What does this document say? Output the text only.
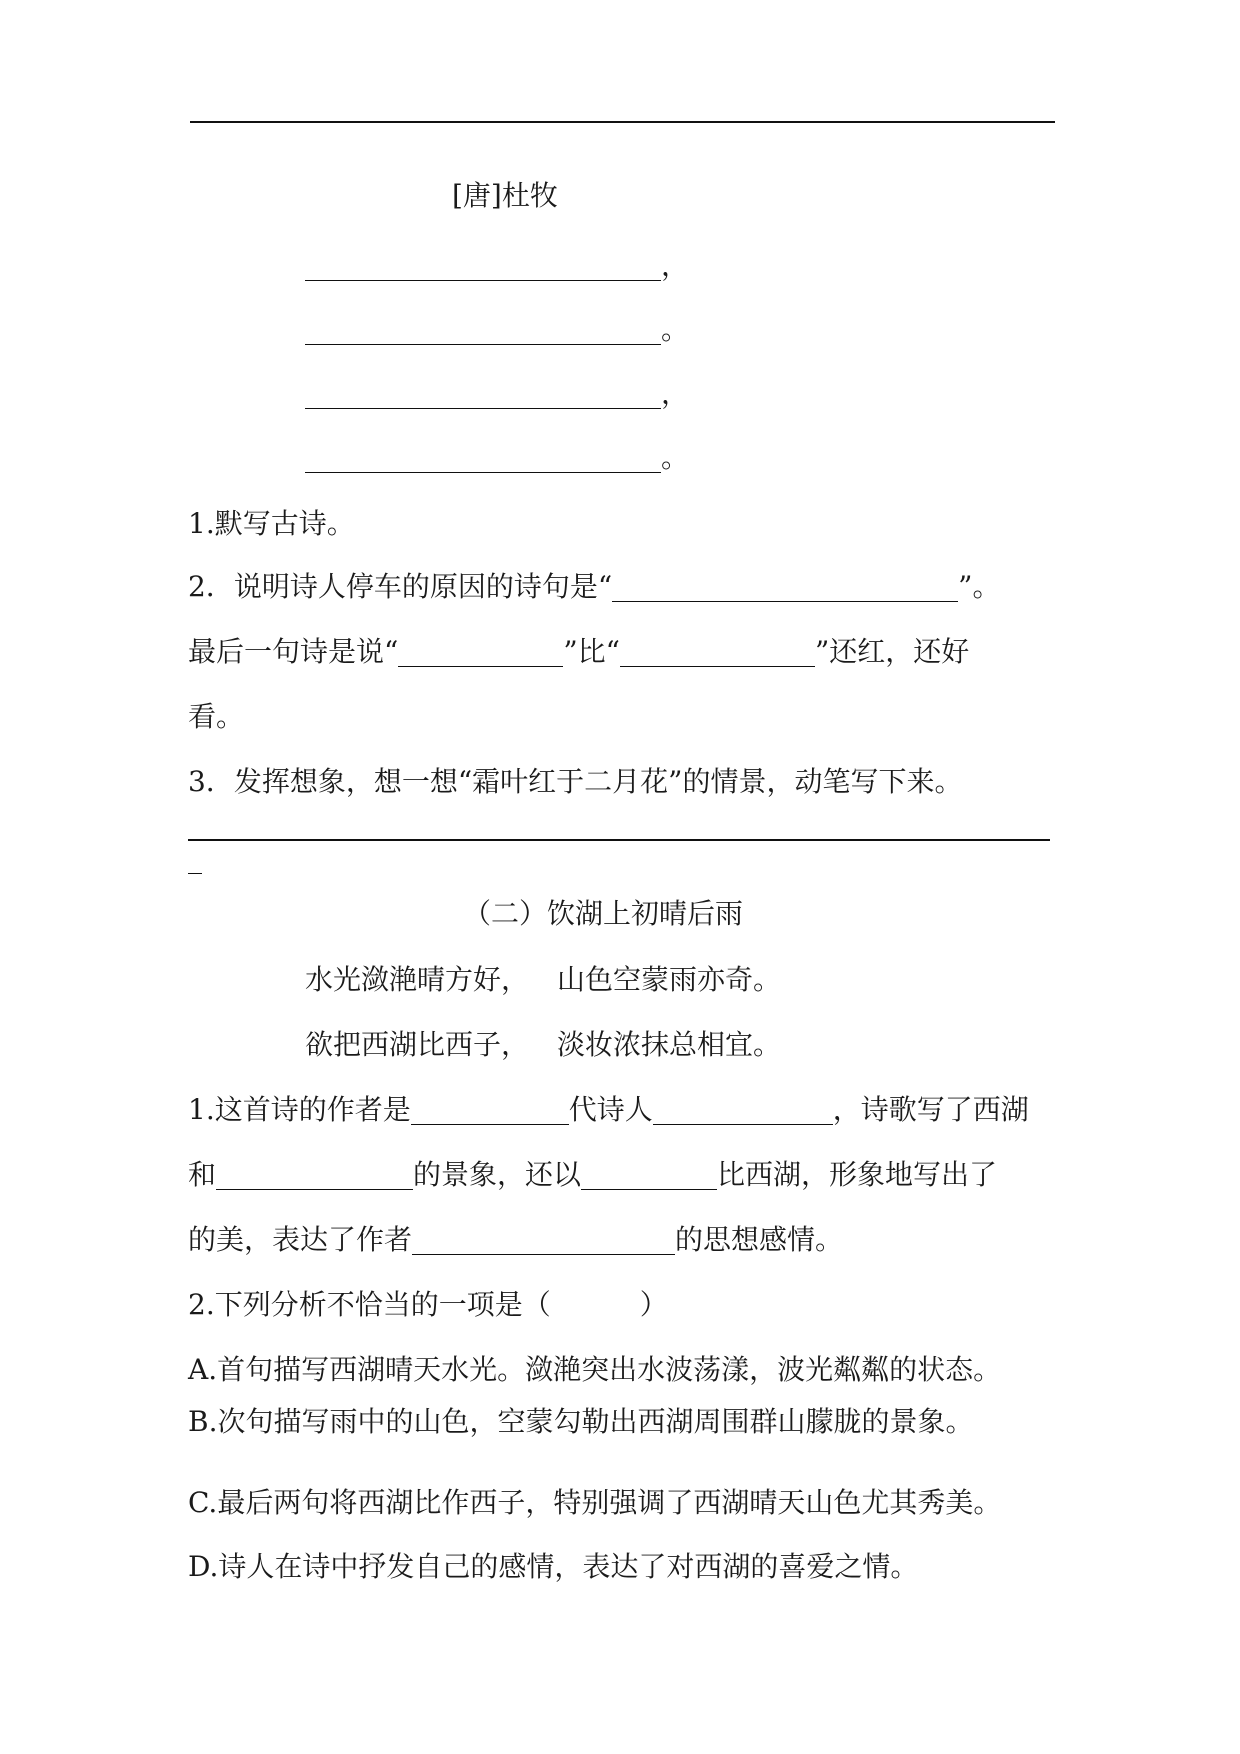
[唐]杜牧
，
。
，
。
1.默写古诗。
2．说明诗人停车的原因的诗句是“	”。
最后一句诗是说“	”比“	”还红，还好
看。
3．发挥想象，想一想“霜叶红于二月花”的情景，动笔写下来。
（二）饮湖上初晴后雨
水光潋滟晴方好， 山色空蒙雨亦奇。
欲把西湖比西子， 淡妆浓抹总相宜。
1.这首诗的作者是	代诗人	，诗歌写了西湖
和	的景象，还以	比西湖，形象地写出了
的美，表达了作者	的思想感情。
2.下列分析不恰当的一项是（          ）
A.首句描写西湖晴天水光。潋滟突出水波荡漾，波光粼粼的状态。
B.次句描写雨中的山色，空蒙勾勒出西湖周围群山朦胧的景象。
C.最后两句将西湖比作西子，特别强调了西湖晴天山色尤其秀美。
D.诗人在诗中抒发自己的感情，表达了对西湖的喜爱之情。
